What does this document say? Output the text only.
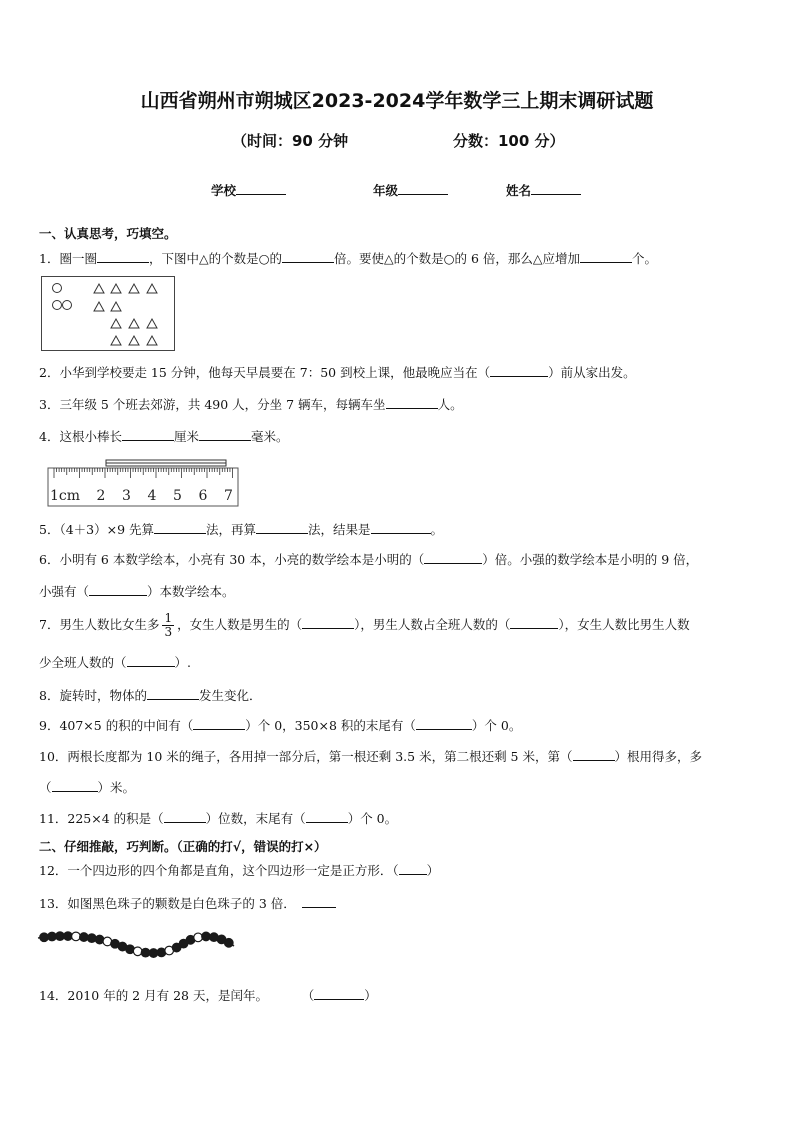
山西省朔州市朔城区2023-2024学年数学三上期末调研试题
（时间：90 分钟	分数：100 分）
学校	年级	姓名
一、认真思考，巧填空。
1．圈一圈	，下图中△的个数是○的	倍。要使△的个数是○的 6 倍，那么△应增加	个。
2．小华到学校要走 15 分钟，他每天早晨要在 7：50 到校上课，他最晚应当在（	）前从家出发。
3．三年级 5 个班去郊游，共 490 人，分坐 7 辆车，每辆车坐	人。
4．这根小棒长	厘米	毫米。
1cm 2 3 4 5 6 7
5．（4＋3）×9 先算	法，再算	法，结果是	。
6．小明有 6 本数学绘本，小亮有 30 本，小亮的数学绘本是小明的（	）倍。小强的数学绘本是小明的 9 倍，
小强有（	）本数学绘本。
7．男生人数比女生多 $\frac{1}{3}$ ，女生人数是男生的（	），男生人数占全班人数的（	），女生人数比男生人数
少全班人数的（	）.
8．旋转时，物体的	发生变化．
9．407×5 的积的中间有（	）个 0，350×8 积的末尾有（	）个 0。
10．两根长度都为 10 米的绳子，各用掉一部分后，第一根还剩 3.5 米，第二根还剩 5 米，第（	）根用得多，多
（	）米。
11．225×4 的积是（	）位数，末尾有（	）个 0。
二、仔细推敲，巧判断。（正确的打√，错误的打×）
12．一个四边形的四个角都是直角，这个四边形一定是正方形．（ ）
13．如图黑色珠子的颗数是白色珠子的 3 倍．
14．2010 年的 2 月有 28 天，是闰年。	（	）
